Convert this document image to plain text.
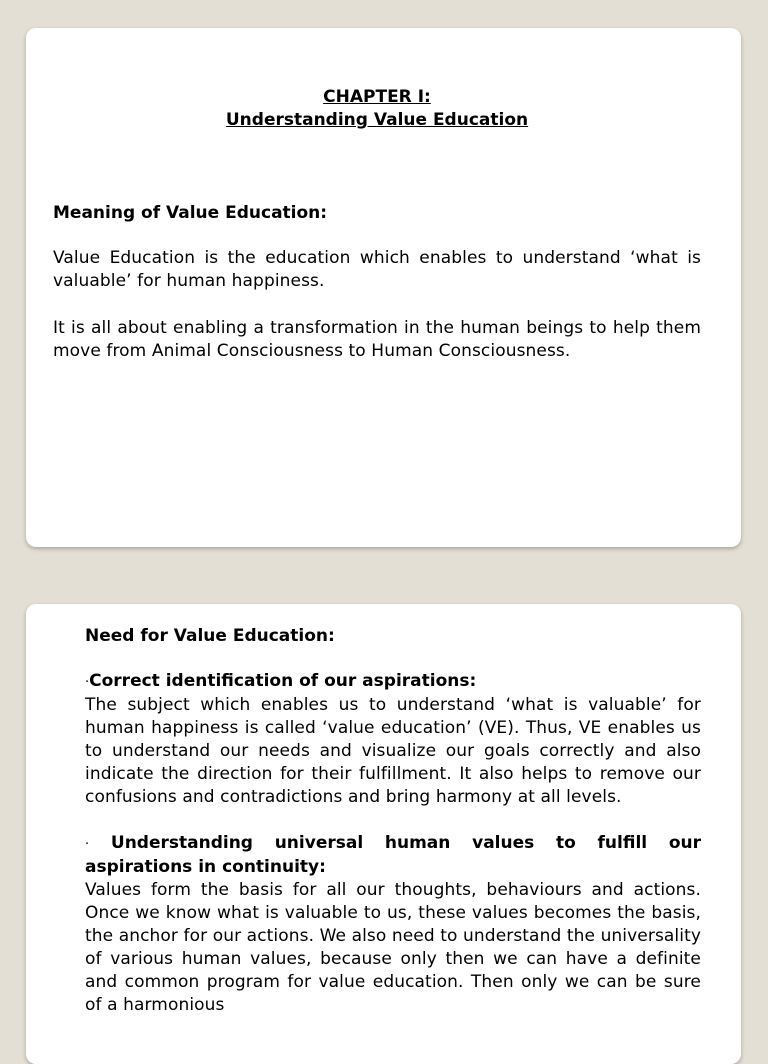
CHAPTER I:
Understanding Value Education

Meaning of Value Education:

Value Education is the education which enables to understand ‘what is valuable’ for human happiness.

It is all about enabling a transformation in the human beings to help them move from Animal Consciousness to Human Consciousness.

Need for Value Education:

·Correct identification of our aspirations:

The subject which enables us to understand ‘what is valuable’ for human happiness is called ‘value education’ (VE). Thus, VE enables us to understand our needs and visualize our goals correctly and also indicate the direction for their fulfillment. It also helps to remove our confusions and contradictions and bring harmony at all levels.

· Understanding universal human values to fulfill our aspirations in continuity:

Values form the basis for all our thoughts, behaviours and actions. Once we know what is valuable to us, these values becomes the basis, the anchor for our actions. We also need to understand the universality of various human values, because only then we can have a definite and common program for value education. Then only we can be sure of a harmonious
